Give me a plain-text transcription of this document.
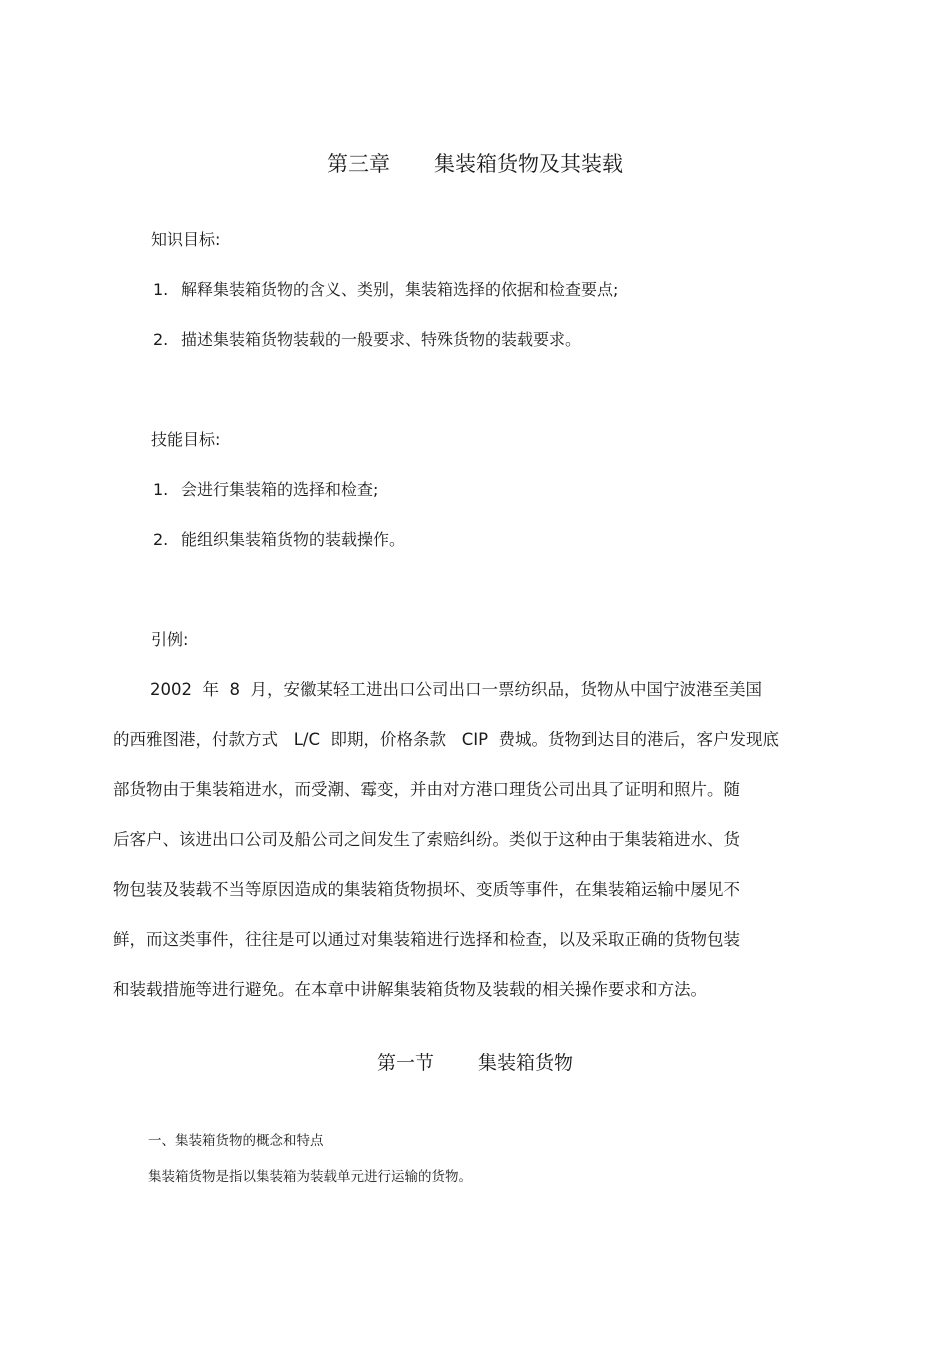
第三章 集装箱货物及其装载
知识目标:
1. 解释集装箱货物的含义、类别，集装箱选择的依据和检查要点;
2. 描述集装箱货物装载的一般要求、特殊货物的装载要求。
技能目标:
1. 会进行集装箱的选择和检查;
2. 能组织集装箱货物的装载操作。
引例:
2002  年  8  月，安徽某轻工进出口公司出口一票纺织品，货物从中国宁波港至美国
的西雅图港，付款方式   L/C  即期，价格条款   CIP  费城。货物到达目的港后，客户发现底
部货物由于集装箱进水，而受潮、霉变，并由对方港口理货公司出具了证明和照片。随
后客户、该进出口公司及船公司之间发生了索赔纠纷。类似于这种由于集装箱进水、货
物包装及装载不当等原因造成的集装箱货物损坏、变质等事件，在集装箱运输中屡见不
鲜，而这类事件，往往是可以通过对集装箱进行选择和检查，以及采取正确的货物包装
和装载措施等进行避免。在本章中讲解集装箱货物及装载的相关操作要求和方法。
第一节 集装箱货物
一、集装箱货物的概念和特点
集装箱货物是指以集装箱为装载单元进行运输的货物。
